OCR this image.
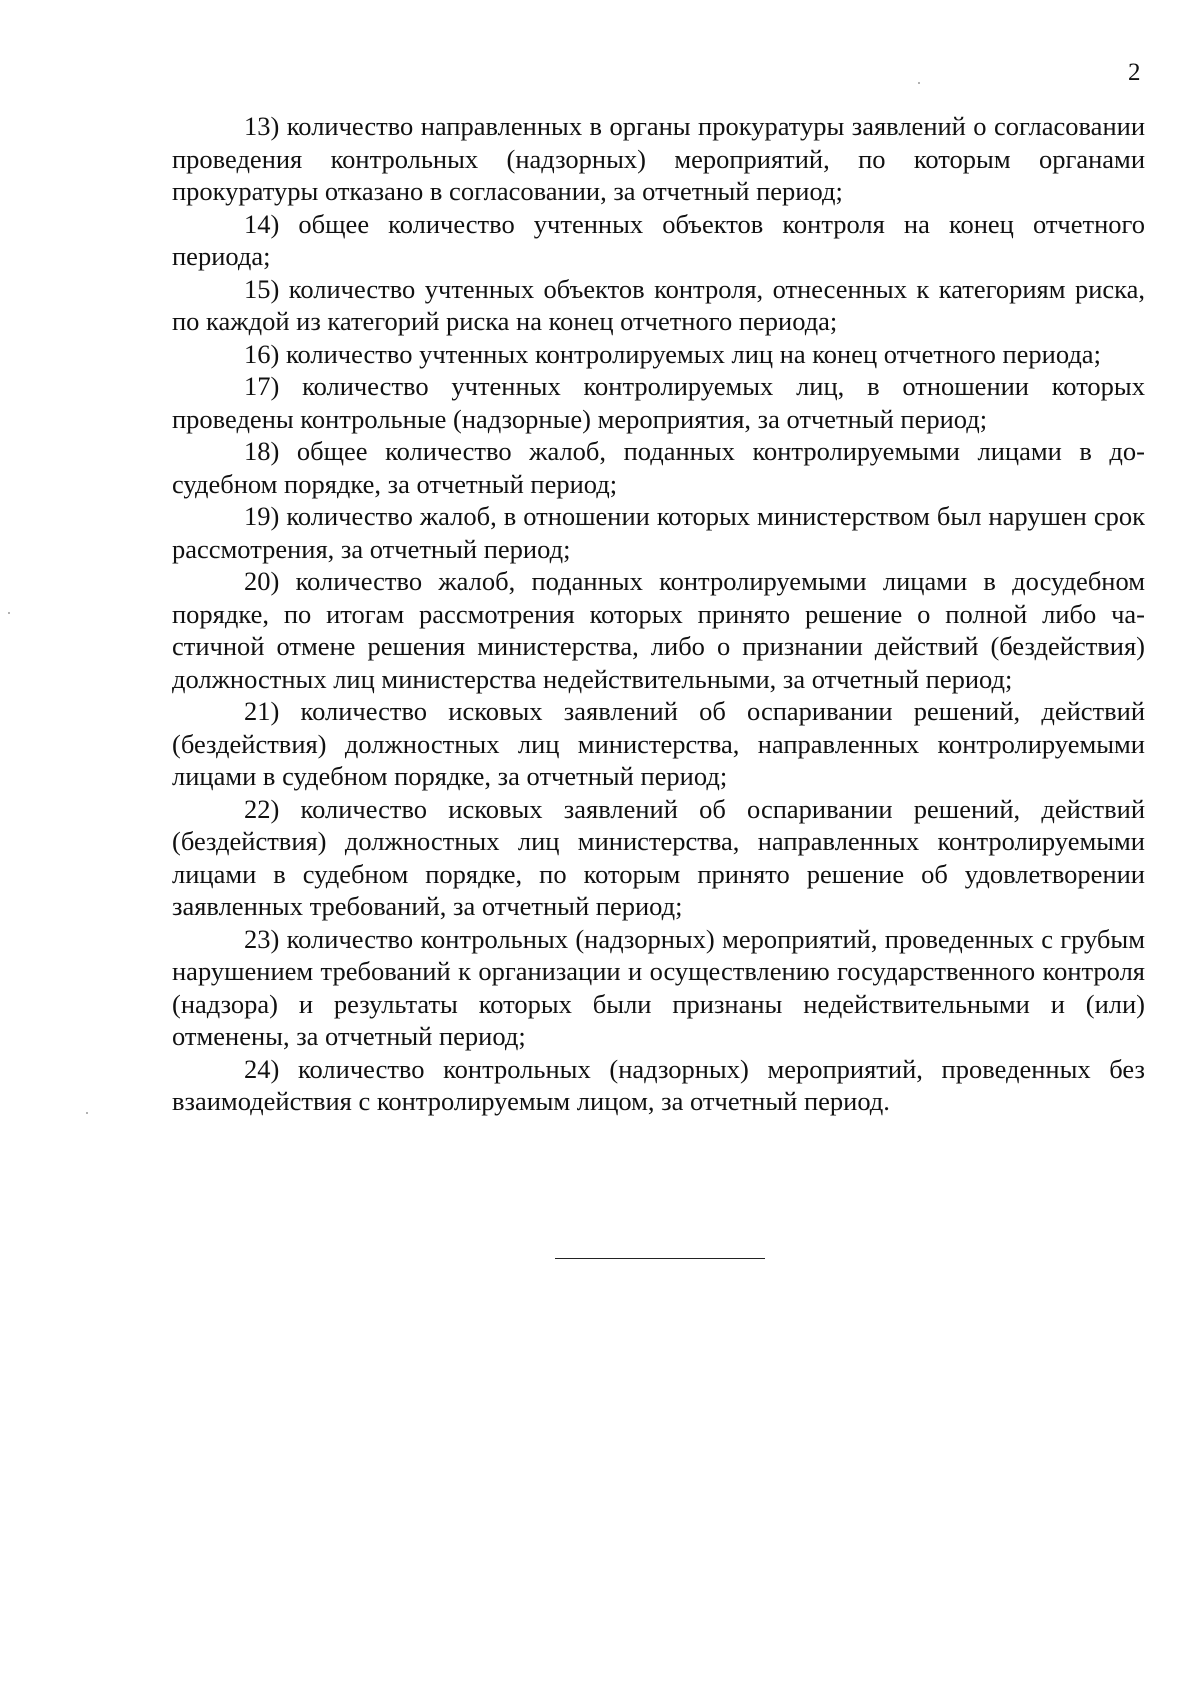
2

13) количество направленных в органы прокуратуры заявлений о согласовании проведения контрольных (надзорных) мероприятий, по которым органами прокуратуры отказано в согласовании, за отчетный период;

14) общее количество учтенных объектов контроля на конец отчетного периода;

15) количество учтенных объектов контроля, отнесенных к категориям риска, по каждой из категорий риска на конец отчетного периода;

16) количество учтенных контролируемых лиц на конец отчетного периода;

17) количество учтенных контролируемых лиц, в отношении которых проведены контрольные (надзорные) мероприятия, за отчетный период;

18) общее количество жалоб, поданных контролируемыми лицами в досудебном порядке, за отчетный период;

19) количество жалоб, в отношении которых министерством был нарушен срок рассмотрения, за отчетный период;

20) количество жалоб, поданных контролируемыми лицами в досудебном порядке, по итогам рассмотрения которых принято решение о полной либо частичной отмене решения министерства, либо о признании действий (бездействия) должностных лиц министерства недействительными, за отчетный период;

21) количество исковых заявлений об оспаривании решений, действий (бездействия) должностных лиц министерства, направленных контролируемыми лицами в судебном порядке, за отчетный период;

22) количество исковых заявлений об оспаривании решений, действий (бездействия) должностных лиц министерства, направленных контролируемыми лицами в судебном порядке, по которым принято решение об удовлетворении заявленных требований, за отчетный период;

23) количество контрольных (надзорных) мероприятий, проведенных с грубым нарушением требований к организации и осуществлению государственного контроля (надзора) и результаты которых были признаны недействительными и (или) отменены, за отчетный период;

24) количество контрольных (надзорных) мероприятий, проведенных без взаимодействия с контролируемым лицом, за отчетный период.
